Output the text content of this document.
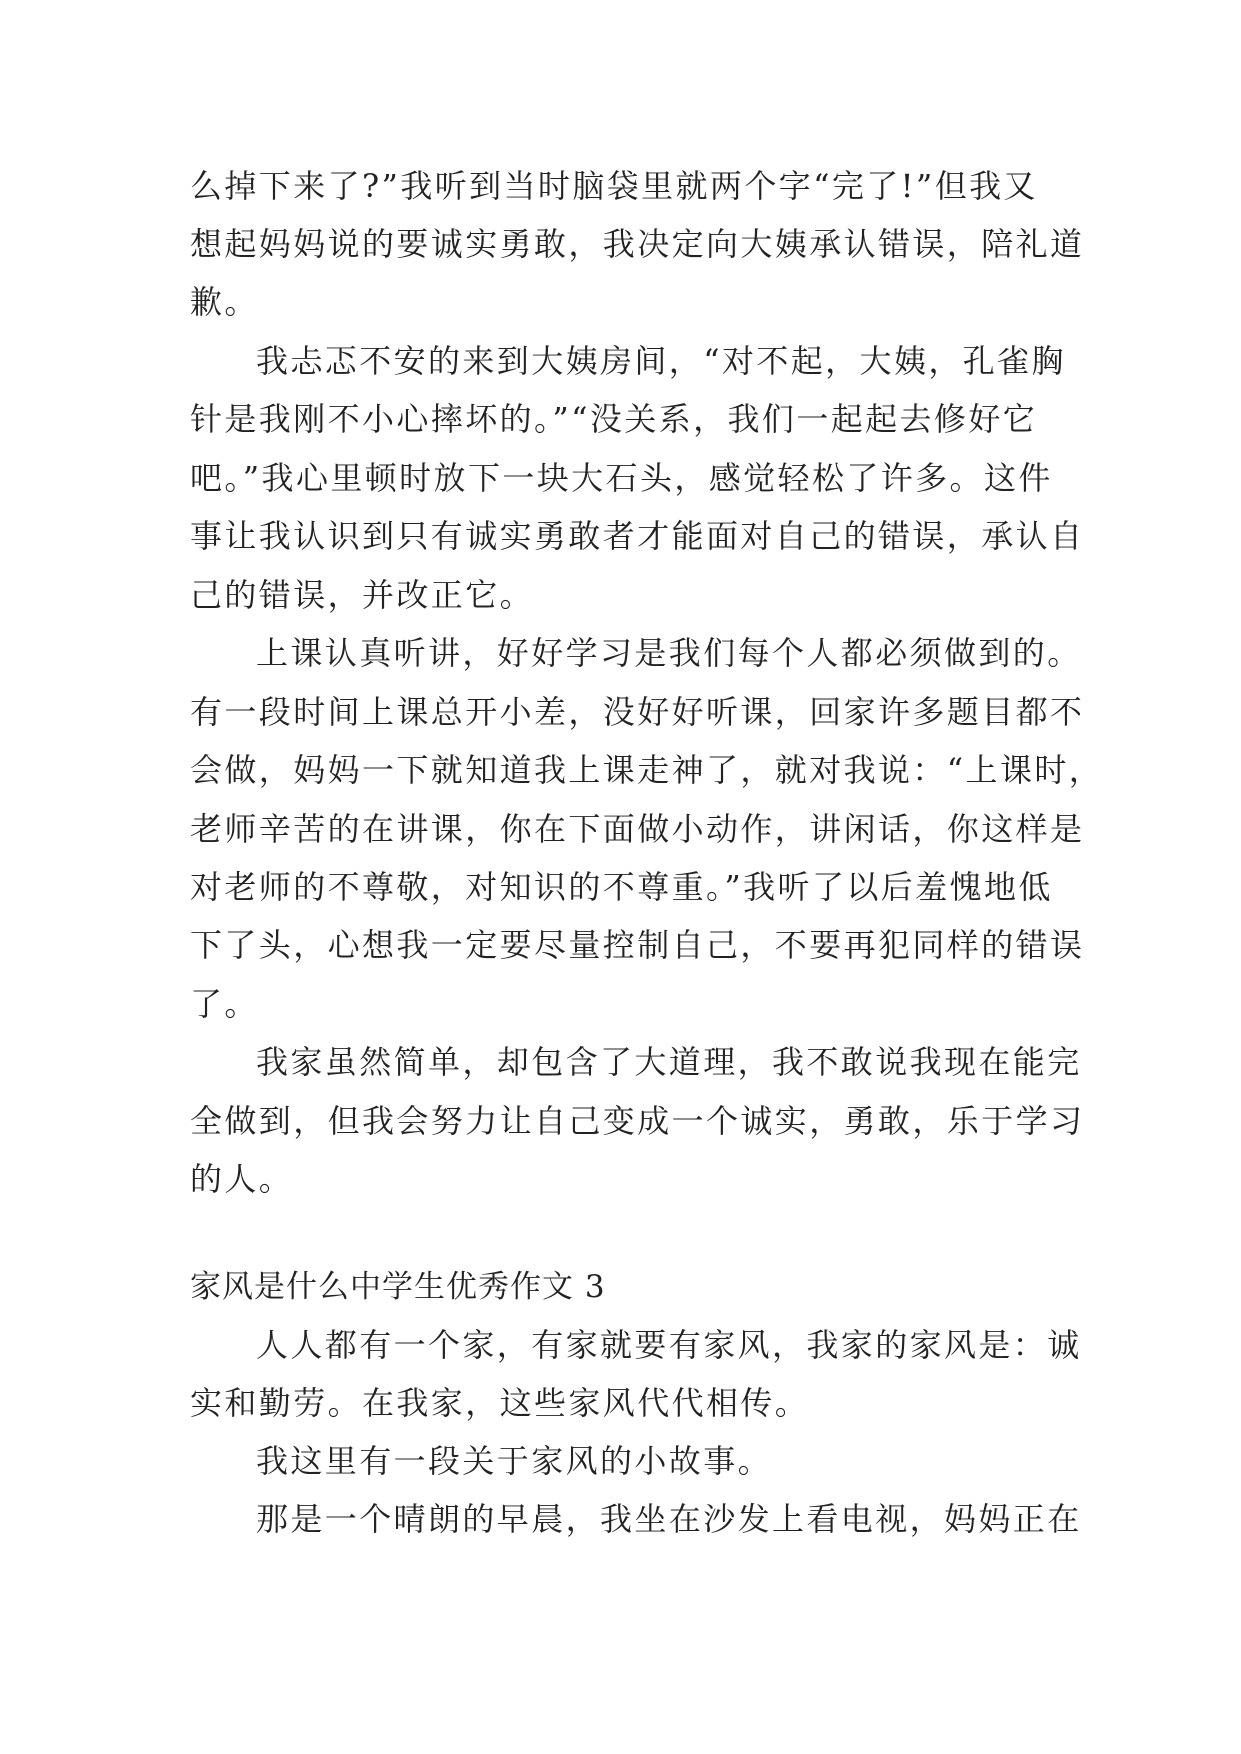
么掉下来了?”我听到当时脑袋里就两个字“完了!”但我又
想起妈妈说的要诚实勇敢，我决定向大姨承认错误，陪礼道
歉。
我忐忑不安的来到大姨房间，“对不起，大姨，孔雀胸
针是我刚不小心摔坏的。”“没关系，我们一起起去修好它
吧。”我心里顿时放下一块大石头，感觉轻松了许多。这件
事让我认识到只有诚实勇敢者才能面对自己的错误，承认自
己的错误，并改正它。
上课认真听讲，好好学习是我们每个人都必须做到的。
有一段时间上课总开小差，没好好听课，回家许多题目都不
会做，妈妈一下就知道我上课走神了，就对我说：“上课时，
老师辛苦的在讲课，你在下面做小动作，讲闲话，你这样是
对老师的不尊敬，对知识的不尊重。”我听了以后羞愧地低
下了头，心想我一定要尽量控制自己，不要再犯同样的错误
了。
我家虽然简单，却包含了大道理，我不敢说我现在能完
全做到，但我会努力让自己变成一个诚实，勇敢，乐于学习
的人。
家风是什么中学生优秀作文 3
人人都有一个家，有家就要有家风，我家的家风是：诚
实和勤劳。在我家，这些家风代代相传。
我这里有一段关于家风的小故事。
那是一个晴朗的早晨，我坐在沙发上看电视，妈妈正在
